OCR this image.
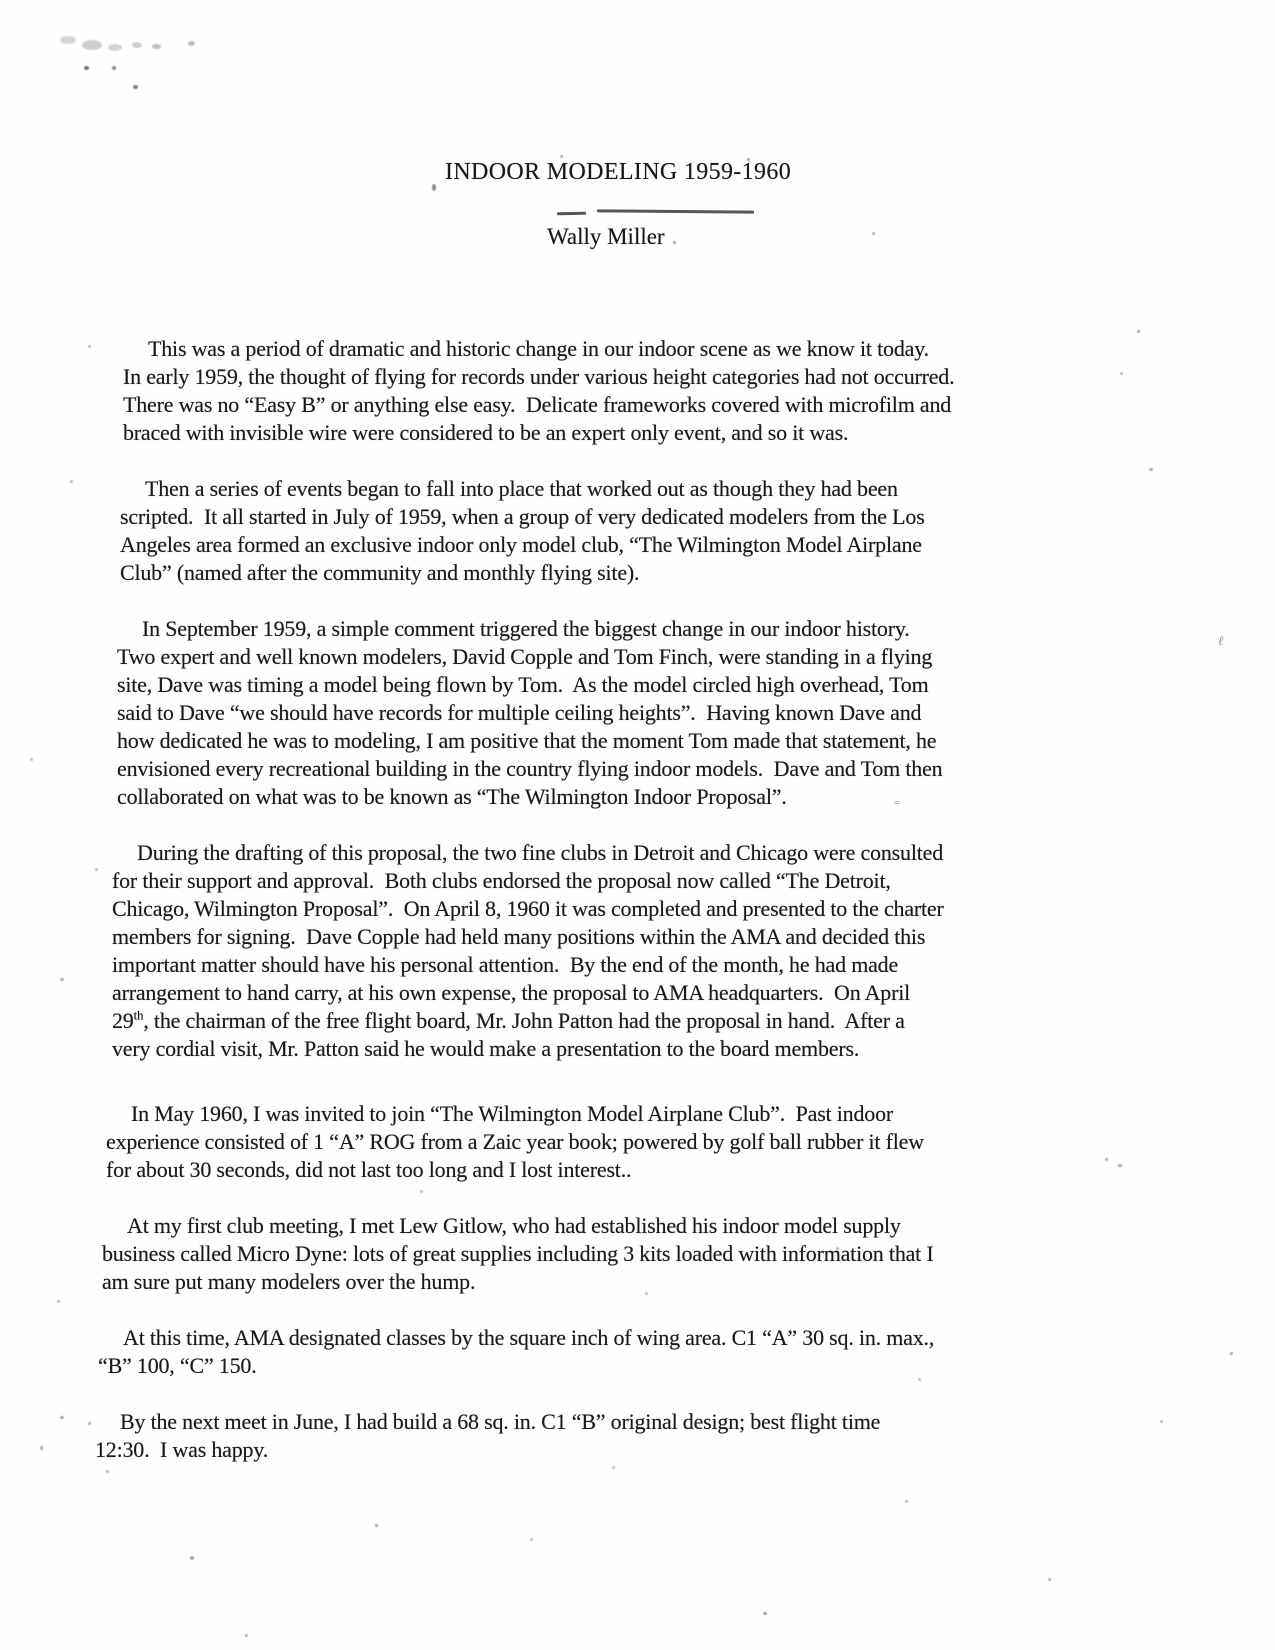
INDOOR MODELING 1959-1960
Wally Miller
This was a period of dramatic and historic change in our indoor scene as we know it today.
In early 1959, the thought of flying for records under various height categories had not occurred.
There was no “Easy B” or anything else easy.  Delicate frameworks covered with microfilm and
braced with invisible wire were considered to be an expert only event, and so it was.
Then a series of events began to fall into place that worked out as though they had been
scripted.  It all started in July of 1959, when a group of very dedicated modelers from the Los
Angeles area formed an exclusive indoor only model club, “The Wilmington Model Airplane
Club” (named after the community and monthly flying site).
In September 1959, a simple comment triggered the biggest change in our indoor history.
Two expert and well known modelers, David Copple and Tom Finch, were standing in a flying
site, Dave was timing a model being flown by Tom.  As the model circled high overhead, Tom
said to Dave “we should have records for multiple ceiling heights”.  Having known Dave and
how dedicated he was to modeling, I am positive that the moment Tom made that statement, he
envisioned every recreational building in the country flying indoor models.  Dave and Tom then
collaborated on what was to be known as “The Wilmington Indoor Proposal”.
During the drafting of this proposal, the two fine clubs in Detroit and Chicago were consulted
for their support and approval.  Both clubs endorsed the proposal now called “The Detroit,
Chicago, Wilmington Proposal”.  On April 8, 1960 it was completed and presented to the charter
members for signing.  Dave Copple had held many positions within the AMA and decided this
important matter should have his personal attention.  By the end of the month, he had made
arrangement to hand carry, at his own expense, the proposal to AMA headquarters.  On April
29th, the chairman of the free flight board, Mr. John Patton had the proposal in hand.  After a
very cordial visit, Mr. Patton said he would make a presentation to the board members.
In May 1960, I was invited to join “The Wilmington Model Airplane Club”.  Past indoor
experience consisted of 1 “A” ROG from a Zaic year book; powered by golf ball rubber it flew
for about 30 seconds, did not last too long and I lost interest..
At my first club meeting, I met Lew Gitlow, who had established his indoor model supply
business called Micro Dyne: lots of great supplies including 3 kits loaded with information that I
am sure put many modelers over the hump.
At this time, AMA designated classes by the square inch of wing area. C1 “A” 30 sq. in. max.,
“B” 100, “C” 150.
By the next meet in June, I had build a 68 sq. in. C1 “B” original design; best flight time
12:30.  I was happy.
ℓ
=
